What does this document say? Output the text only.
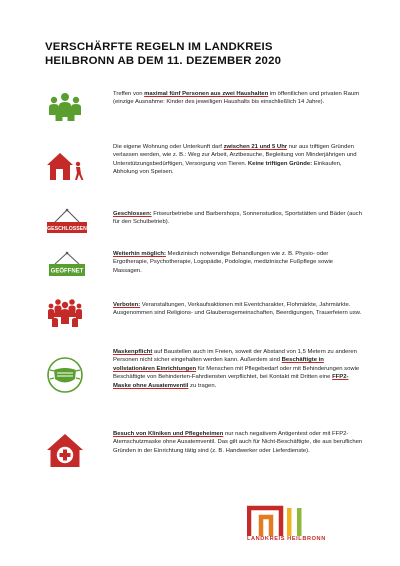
VERSCHÄRFTE REGELN IM LANDKREIS
HEILBRONN AB DEM 11. DEZEMBER 2020
Treffen von maximal fünf Personen aus zwei Haushalten im öffentlichen und privaten Raum (einzige Ausnahme: Kinder des jeweiligen Haushalts bis einschließlich 14 Jahre).
Die eigene Wohnung oder Unterkunft darf zwischen 21 und 5 Uhr nur aus triftigen Gründen verlassen werden, wie z. B.: Weg zur Arbeit, Arztbesuche, Begleitung von Minderjährigen und Unterstützungsbedürftigen, Versorgung von Tieren. Keine triftigen Gründe: Einkaufen, Abholung von Speisen.
GESCHLOSSEN
Geschlossen: Friseurbetriebe und Barbershops, Sonnenstudios, Sportstätten und Bäder (auch für den Schulbetrieb).
GEÖFFNET
Weiterhin möglich: Medizinisch notwendige Behandlungen wie z. B. Physio- oder Ergotherapie, Psychotherapie, Logopädie, Podologie, medizinische Fußpflege sowie Massagen.
Verboten: Veranstaltungen, Verkaufsaktionen mit Eventcharakter, Flohmärkte, Jahrmärkte. Ausgenommen sind Religions- und Glaubensgemeinschaften, Beerdigungen, Trauerfeiern usw.
Maskenpflicht auf Baustellen auch im Freien, soweit der Abstand von 1,5 Metern zu anderen Personen nicht sicher eingehalten werden kann. Außerdem sind Beschäftigte in vollstationären Einrichtungen für Menschen mit Pflegebedarf oder mit Behinderungen sowie Beschäftigte von Behinderten-Fahrdiensten verpflichtet, bei Kontakt mit Dritten eine FFP2-Maske ohne Ausatemventil zu tragen.
Besuch von Kliniken und Pflegeheimen nur nach negativem Antigentest oder mit FFP2-Atemschutzmaske ohne Ausatemventil. Das gilt auch für Nicht-Beschäftigte, die aus beruflichen Gründen in der Einrichtung tätig sind (z. B. Handwerker oder Lieferdienste).
LANDKREIS HEILBRONN
